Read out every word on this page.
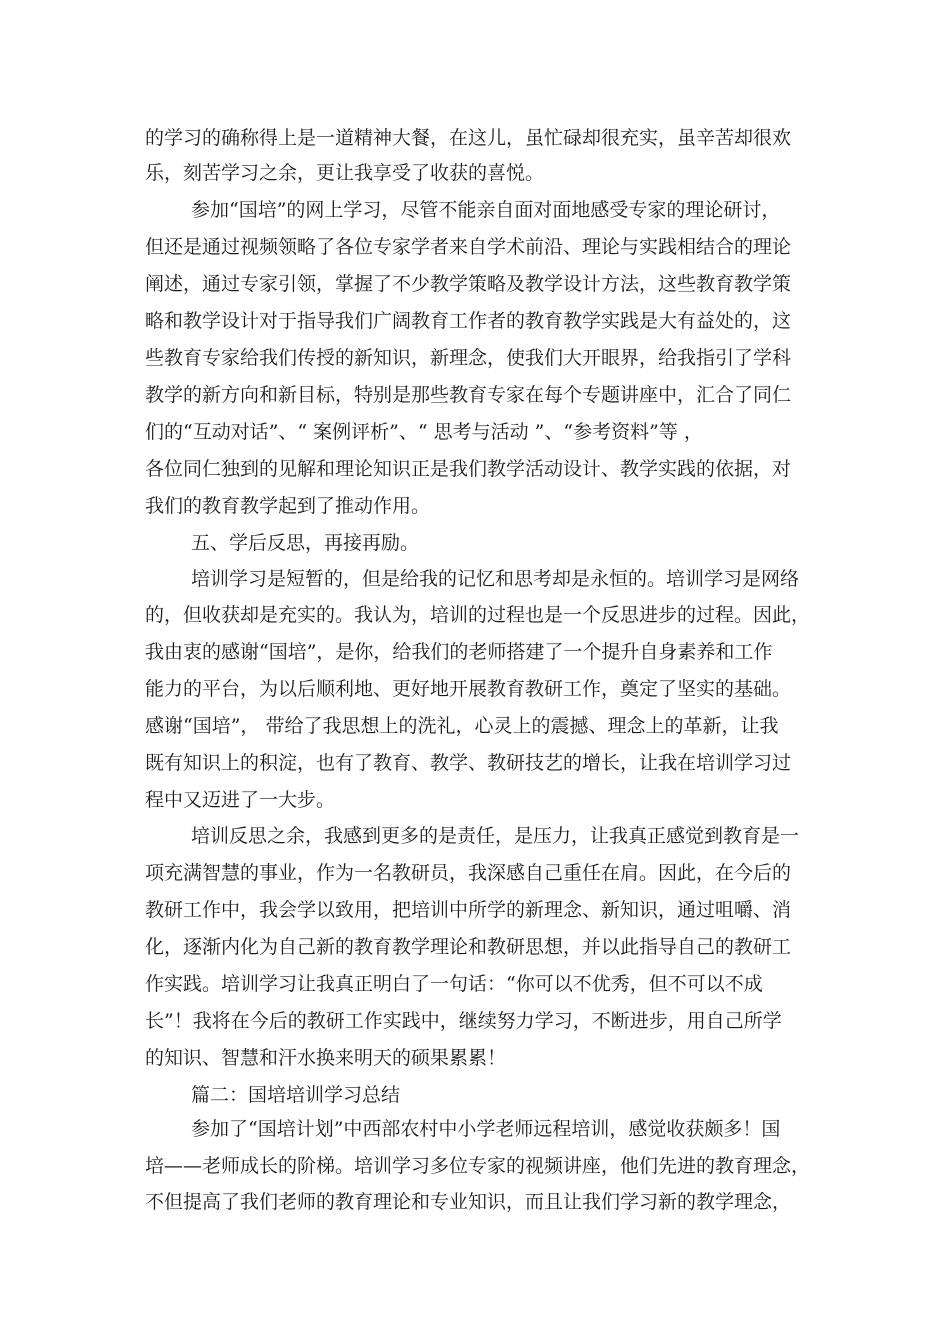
的学习的确称得上是一道精神大餐，在这儿，虽忙碌却很充实，虽辛苦却很欢
乐，刻苦学习之余，更让我享受了收获的喜悦。
参加“国培”的网上学习，尽管不能亲自面对面地感受专家的理论研讨，
但还是通过视频领略了各位专家学者来自学术前沿、理论与实践相结合的理论
阐述，通过专家引领，掌握了不少教学策略及教学设计方法，这些教育教学策
略和教学设计对于指导我们广阔教育工作者的教育教学实践是大有益处的，这
些教育专家给我们传授的新知识，新理念，使我们大开眼界，给我指引了学科
教学的新方向和新目标，特别是那些教育专家在每个专题讲座中，汇合了同仁
们的“互动对话”、“ 案例评析”、“ 思考与活动 ”、“参考资料”等 ，
各位同仁独到的见解和理论知识正是我们教学活动设计、教学实践的依据，对
我们的教育教学起到了推动作用。
五、学后反思，再接再励。
培训学习是短暂的，但是给我的记忆和思考却是永恒的。培训学习是网络
的，但收获却是充实的。我认为，培训的过程也是一个反思进步的过程。因此，
我由衷的感谢“国培”，是你，给我们的老师搭建了一个提升自身素养和工作
能力的平台，为以后顺利地、更好地开展教育教研工作，奠定了坚实的基础。
感谢“国培”， 带给了我思想上的洗礼，心灵上的震撼、理念上的革新，让我
既有知识上的积淀，也有了教育、教学、教研技艺的增长，让我在培训学习过
程中又迈进了一大步。
培训反思之余，我感到更多的是责任，是压力，让我真正感觉到教育是一
项充满智慧的事业，作为一名教研员，我深感自己重任在肩。因此，在今后的
教研工作中，我会学以致用，把培训中所学的新理念、新知识，通过咀嚼、消
化，逐渐内化为自己新的教育教学理论和教研思想，并以此指导自己的教研工
作实践。培训学习让我真正明白了一句话：“你可以不优秀，但不可以不成
长”！我将在今后的教研工作实践中，继续努力学习，不断进步，用自己所学
的知识、智慧和汗水换来明天的硕果累累！
篇二：国培培训学习总结
参加了“国培计划”中西部农村中小学老师远程培训，感觉收获颇多！国
培——老师成长的阶梯。培训学习多位专家的视频讲座，他们先进的教育理念，
不但提高了我们老师的教育理论和专业知识，而且让我们学习新的教学理念，
